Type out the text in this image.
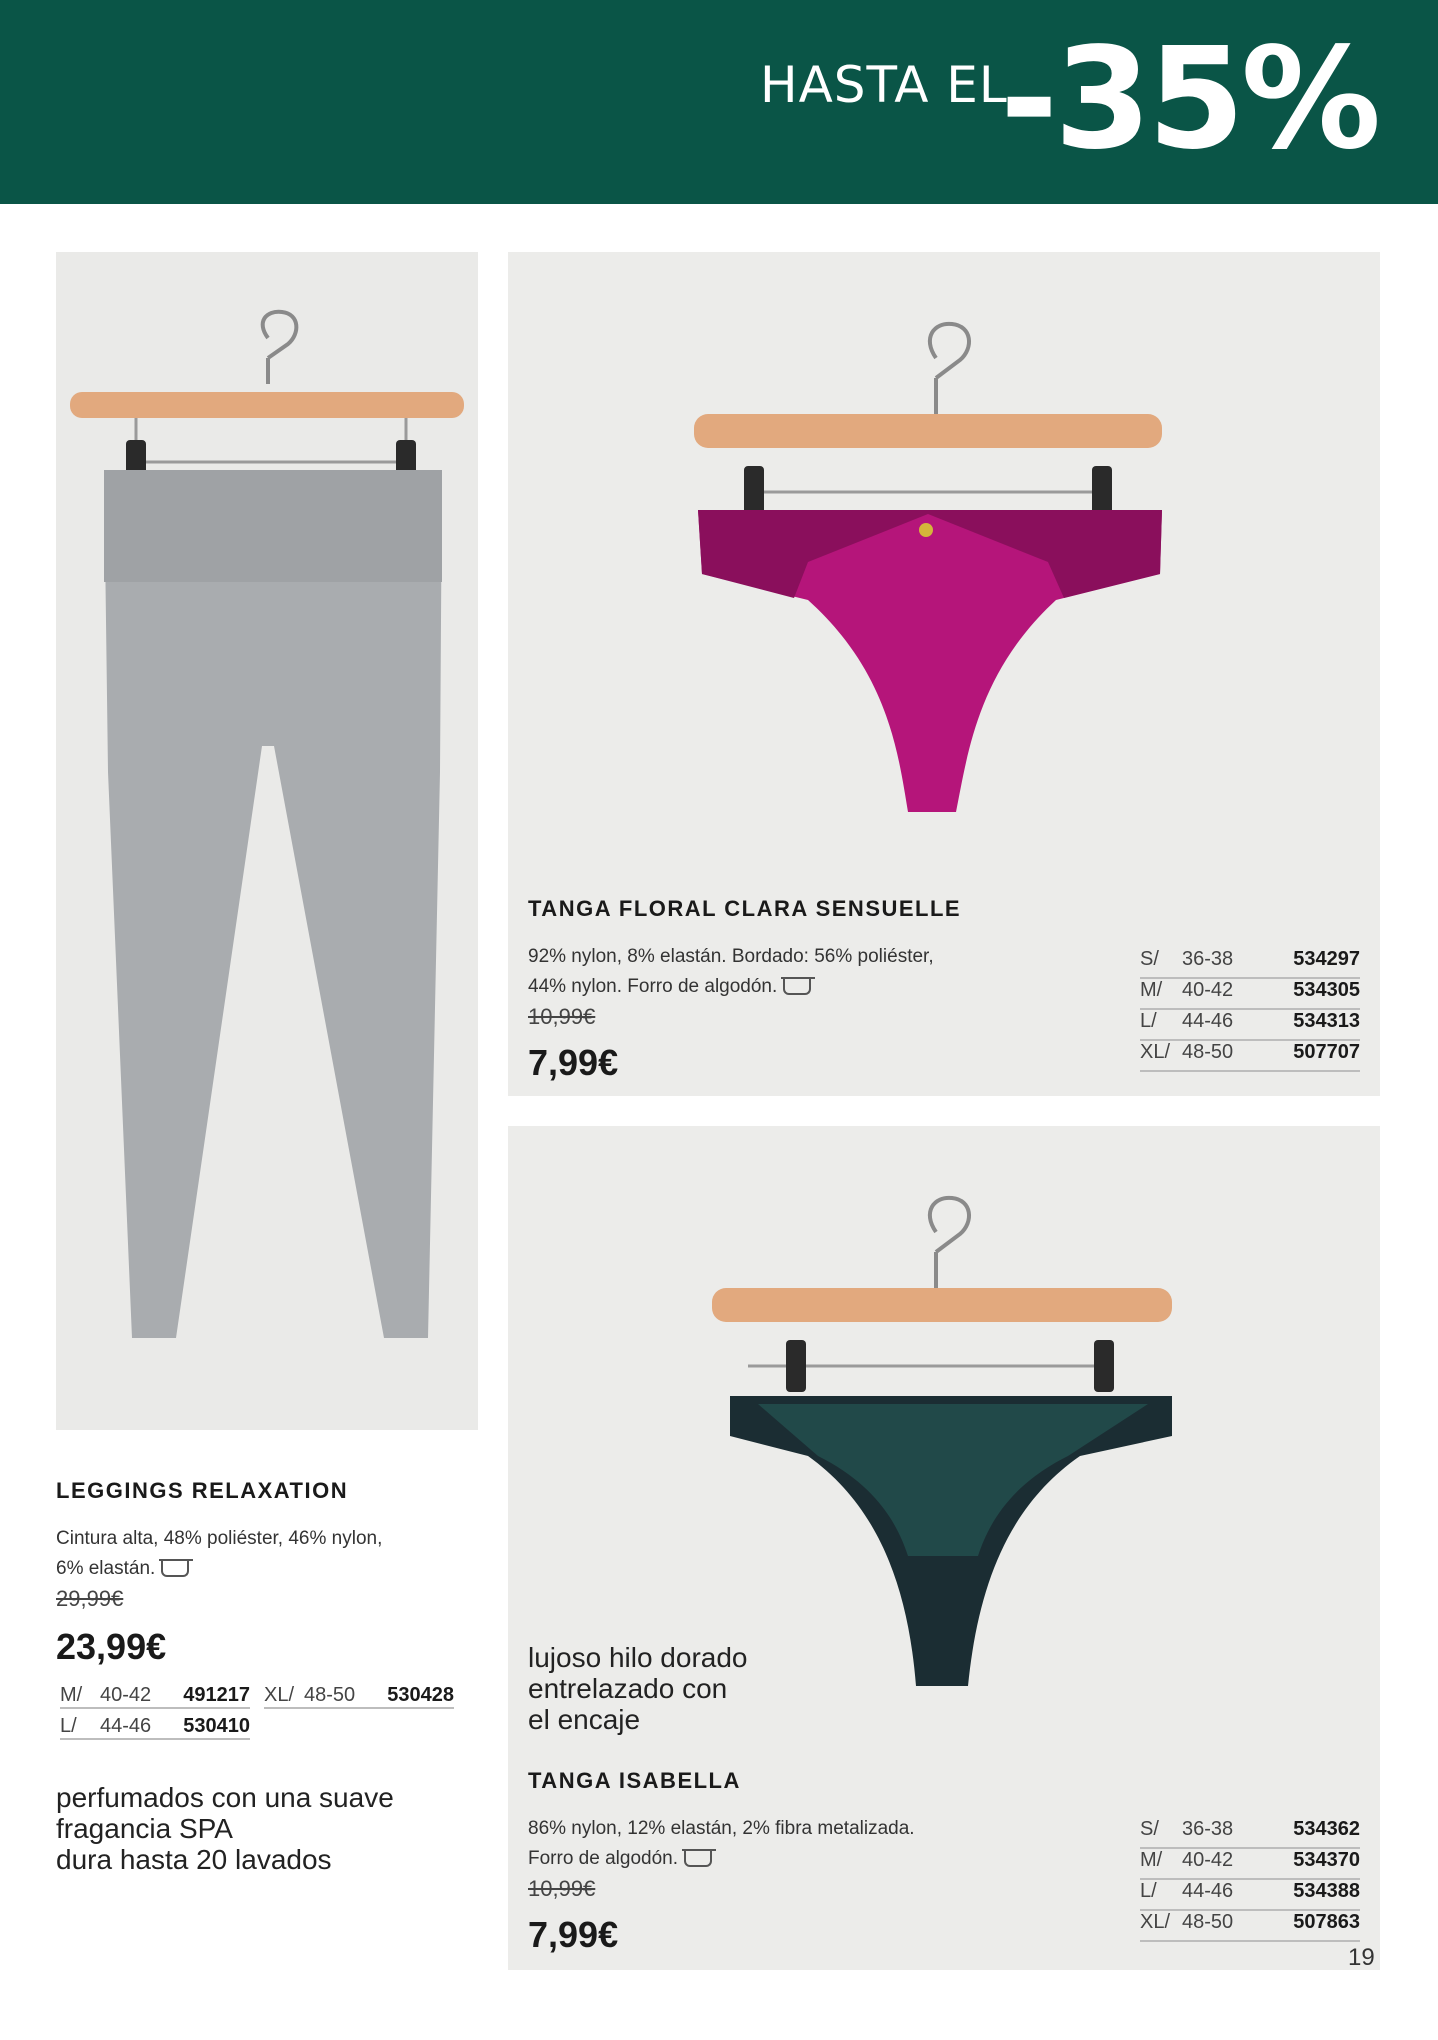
HASTA EL
-35%
LEGGINGS RELAXATION
Cintura alta, 48% poliéster, 46% nylon,
6% elastán.
29,99€
23,99€
M/ 40-42	491217 XL/ 48-50	530428
L/	44-46	530410
perfumados con una suave
fragancia SPA
dura hasta 20 lavados
TANGA FLORAL CLARA SENSUELLE
92% nylon, 8% elastán. Bordado: 56% poliéster,
44% nylon. Forro de algodón.
10,99€
7,99€
S/	36-38	534297
M/ 40-42	534305
L/	44-46	534313
XL/ 48-50	507707
lujoso hilo dorado
entrelazado con
el encaje
TANGA ISABELLA
86% nylon, 12% elastán, 2% fibra metalizada.
Forro de algodón.
10,99€
7,99€
S/	36-38	534362
M/ 40-42	534370
L/	44-46	534388
XL/ 48-50	507863
19
